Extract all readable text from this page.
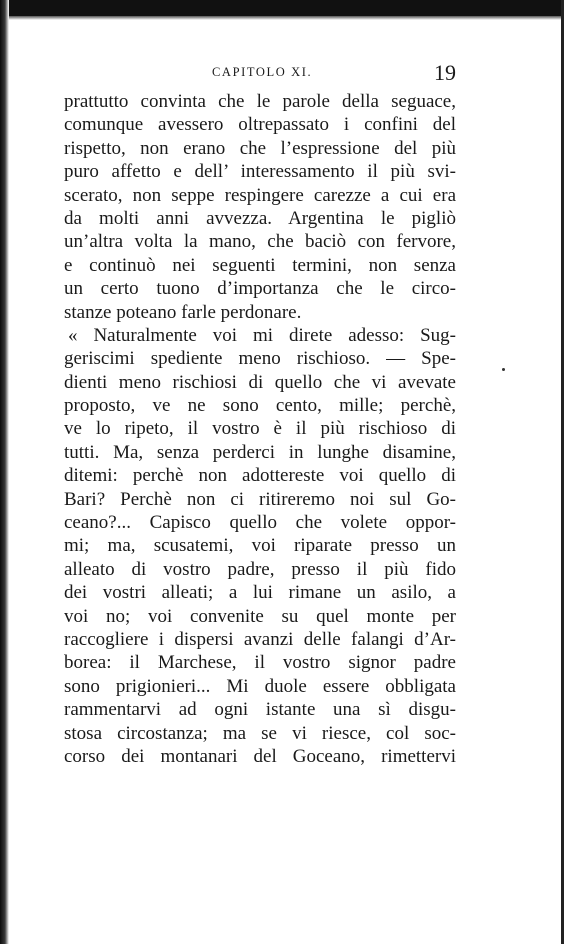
CAPITOLO XI.	19
prattutto convinta che le parole della seguace,
comunque avessero oltrepassato i confini del
rispetto, non erano che l’espressione del più
puro affetto e dell’ interessamento il più svi-
scerato, non seppe respingere carezze a cui era
da molti anni avvezza. Argentina le pigliò
un’altra volta la mano, che baciò con fervore,
e continuò nei seguenti termini, non senza
un certo tuono d’importanza che le circo-
stanze poteano farle perdonare.
« Naturalmente voi mi direte adesso: Sug-
geriscimi spediente meno rischioso. — Spe-
dienti meno rischiosi di quello che vi avevate
proposto, ve ne sono cento, mille; perchè,
ve lo ripeto, il vostro è il più rischioso di
tutti. Ma, senza perderci in lunghe disamine,
ditemi: perchè non adottereste voi quello di
Bari? Perchè non ci ritireremo noi sul Go-
ceano?... Capisco quello che volete oppor-
mi; ma, scusatemi, voi riparate presso un
alleato di vostro padre, presso il più fido
dei vostri alleati; a lui rimane un asilo, a
voi no; voi convenite su quel monte per
raccogliere i dispersi avanzi delle falangi d’Ar-
borea: il Marchese, il vostro signor padre
sono prigionieri... Mi duole essere obbligata
rammentarvi ad ogni istante una sì disgu-
stosa circostanza; ma se vi riesce, col soc-
corso dei montanari del Goceano, rimettervi
